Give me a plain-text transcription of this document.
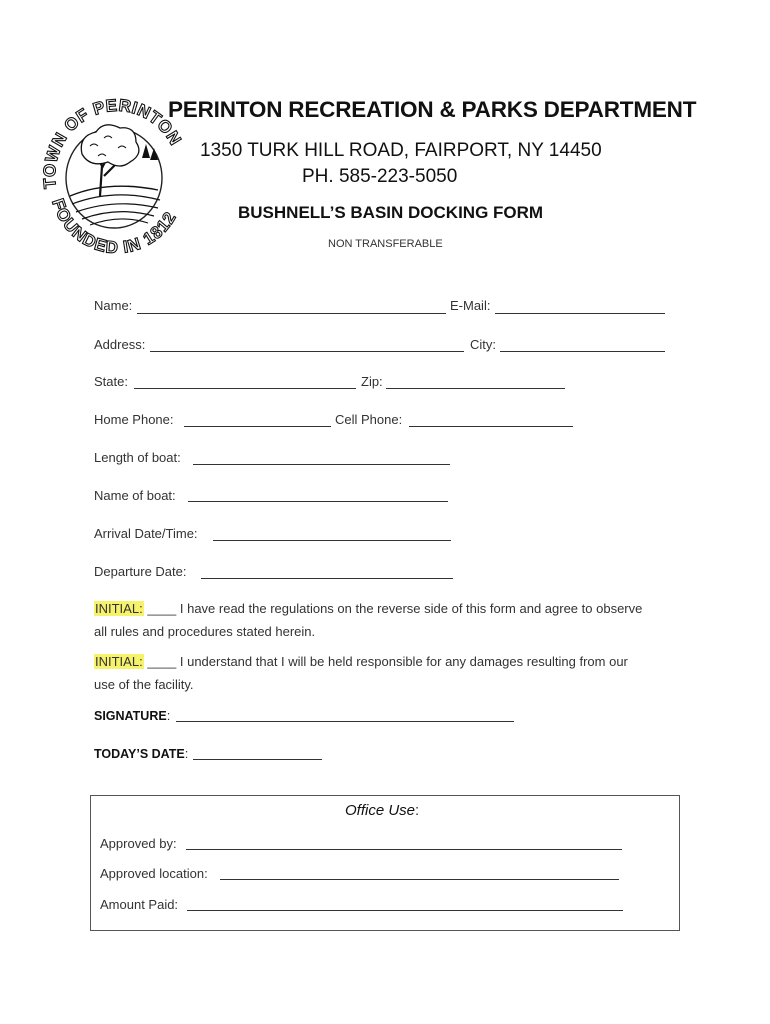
TOWN OF PERINTON
FOUNDED IN 1812
PERINTON RECREATION & PARKS DEPARTMENT
1350 TURK HILL ROAD, FAIRPORT, NY 14450
PH. 585-223-5050
BUSHNELL’S BASIN DOCKING FORM
NON TRANSFERABLE
Name:	E-Mail:
Address:	City:
State:	Zip:
Home Phone:	Cell Phone:
Length of boat:
Name of boat:
Arrival Date/Time:
Departure Date:
INITIAL: ____ I have read the regulations on the reverse side of this form and agree to observe
all rules and procedures stated herein.
INITIAL: ____ I understand that I will be held responsible for any damages resulting from our
use of the facility.
SIGNATURE:
TODAY’S DATE:
Office Use:
Approved by:
Approved location:
Amount Paid:
